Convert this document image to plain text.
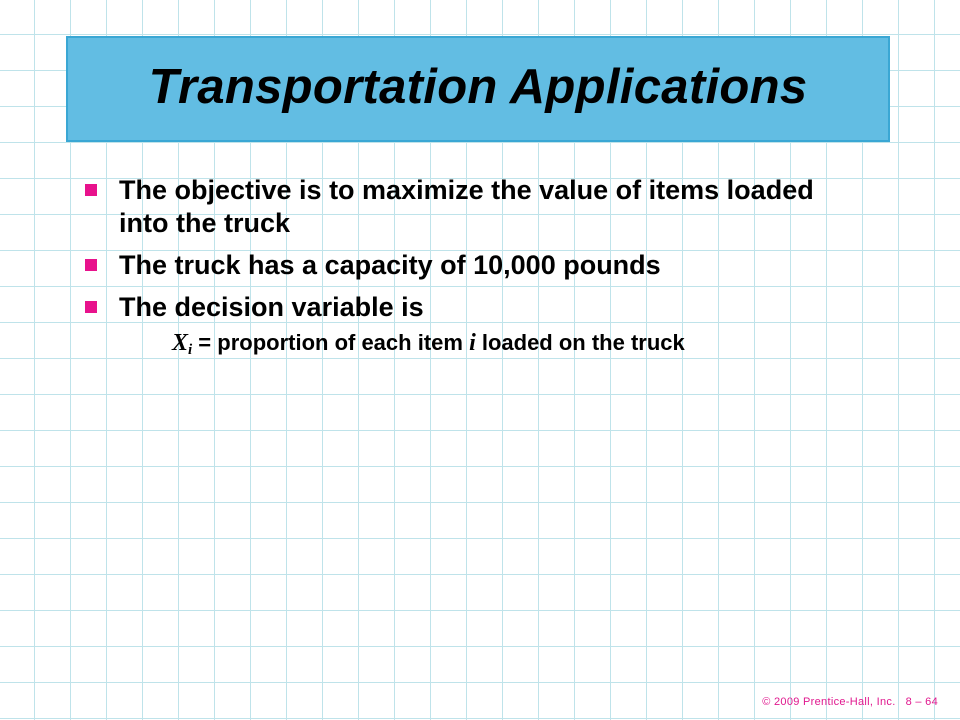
Transportation Applications
The objective is to maximize the value of items loaded into the truck
The truck has a capacity of 10,000 pounds
The decision variable is
$X_i$ = proportion of each item i loaded on the truck
© 2009 Prentice-Hall, Inc.   8 – 64
